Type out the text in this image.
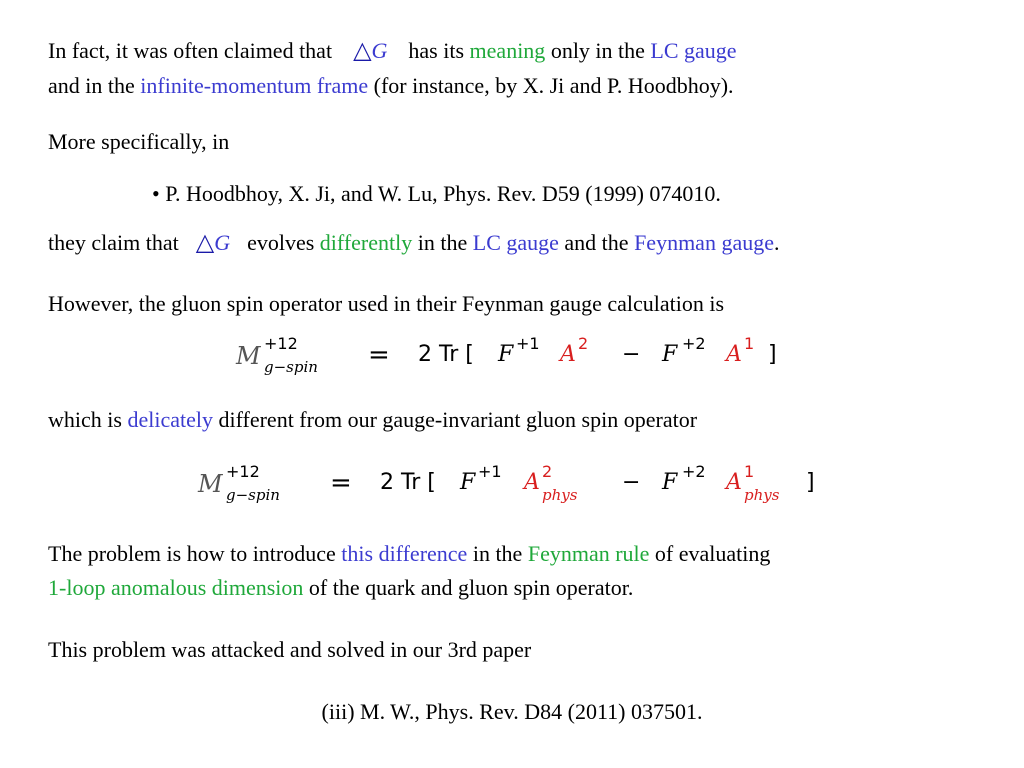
In fact, it was often claimed that △G has its meaning only in the LC gauge
and in the infinite-momentum frame (for instance, by X. Ji and P. Hoodbhoy).
More specifically, in
• P. Hoodbhoy, X. Ji, and W. Lu, Phys. Rev. D59 (1999) 074010.
they claim that △G evolves differently in the LC gauge and the Feynman gauge.
However, the gluon spin operator used in their Feynman gauge calculation is
M +12
g−spin = 2 Tr [ F +1 A 2 − F +2 A 1 ]
which is delicately different from our gauge-invariant gluon spin operator
M +12
g−spin = 2 Tr [ F +1 A 2
phys − F +2 A 1
phys ]
The problem is how to introduce this difference in the Feynman rule of evaluating
1-loop anomalous dimension of the quark and gluon spin operator.
This problem was attacked and solved in our 3rd paper
(iii) M. W., Phys. Rev. D84 (2011) 037501.
